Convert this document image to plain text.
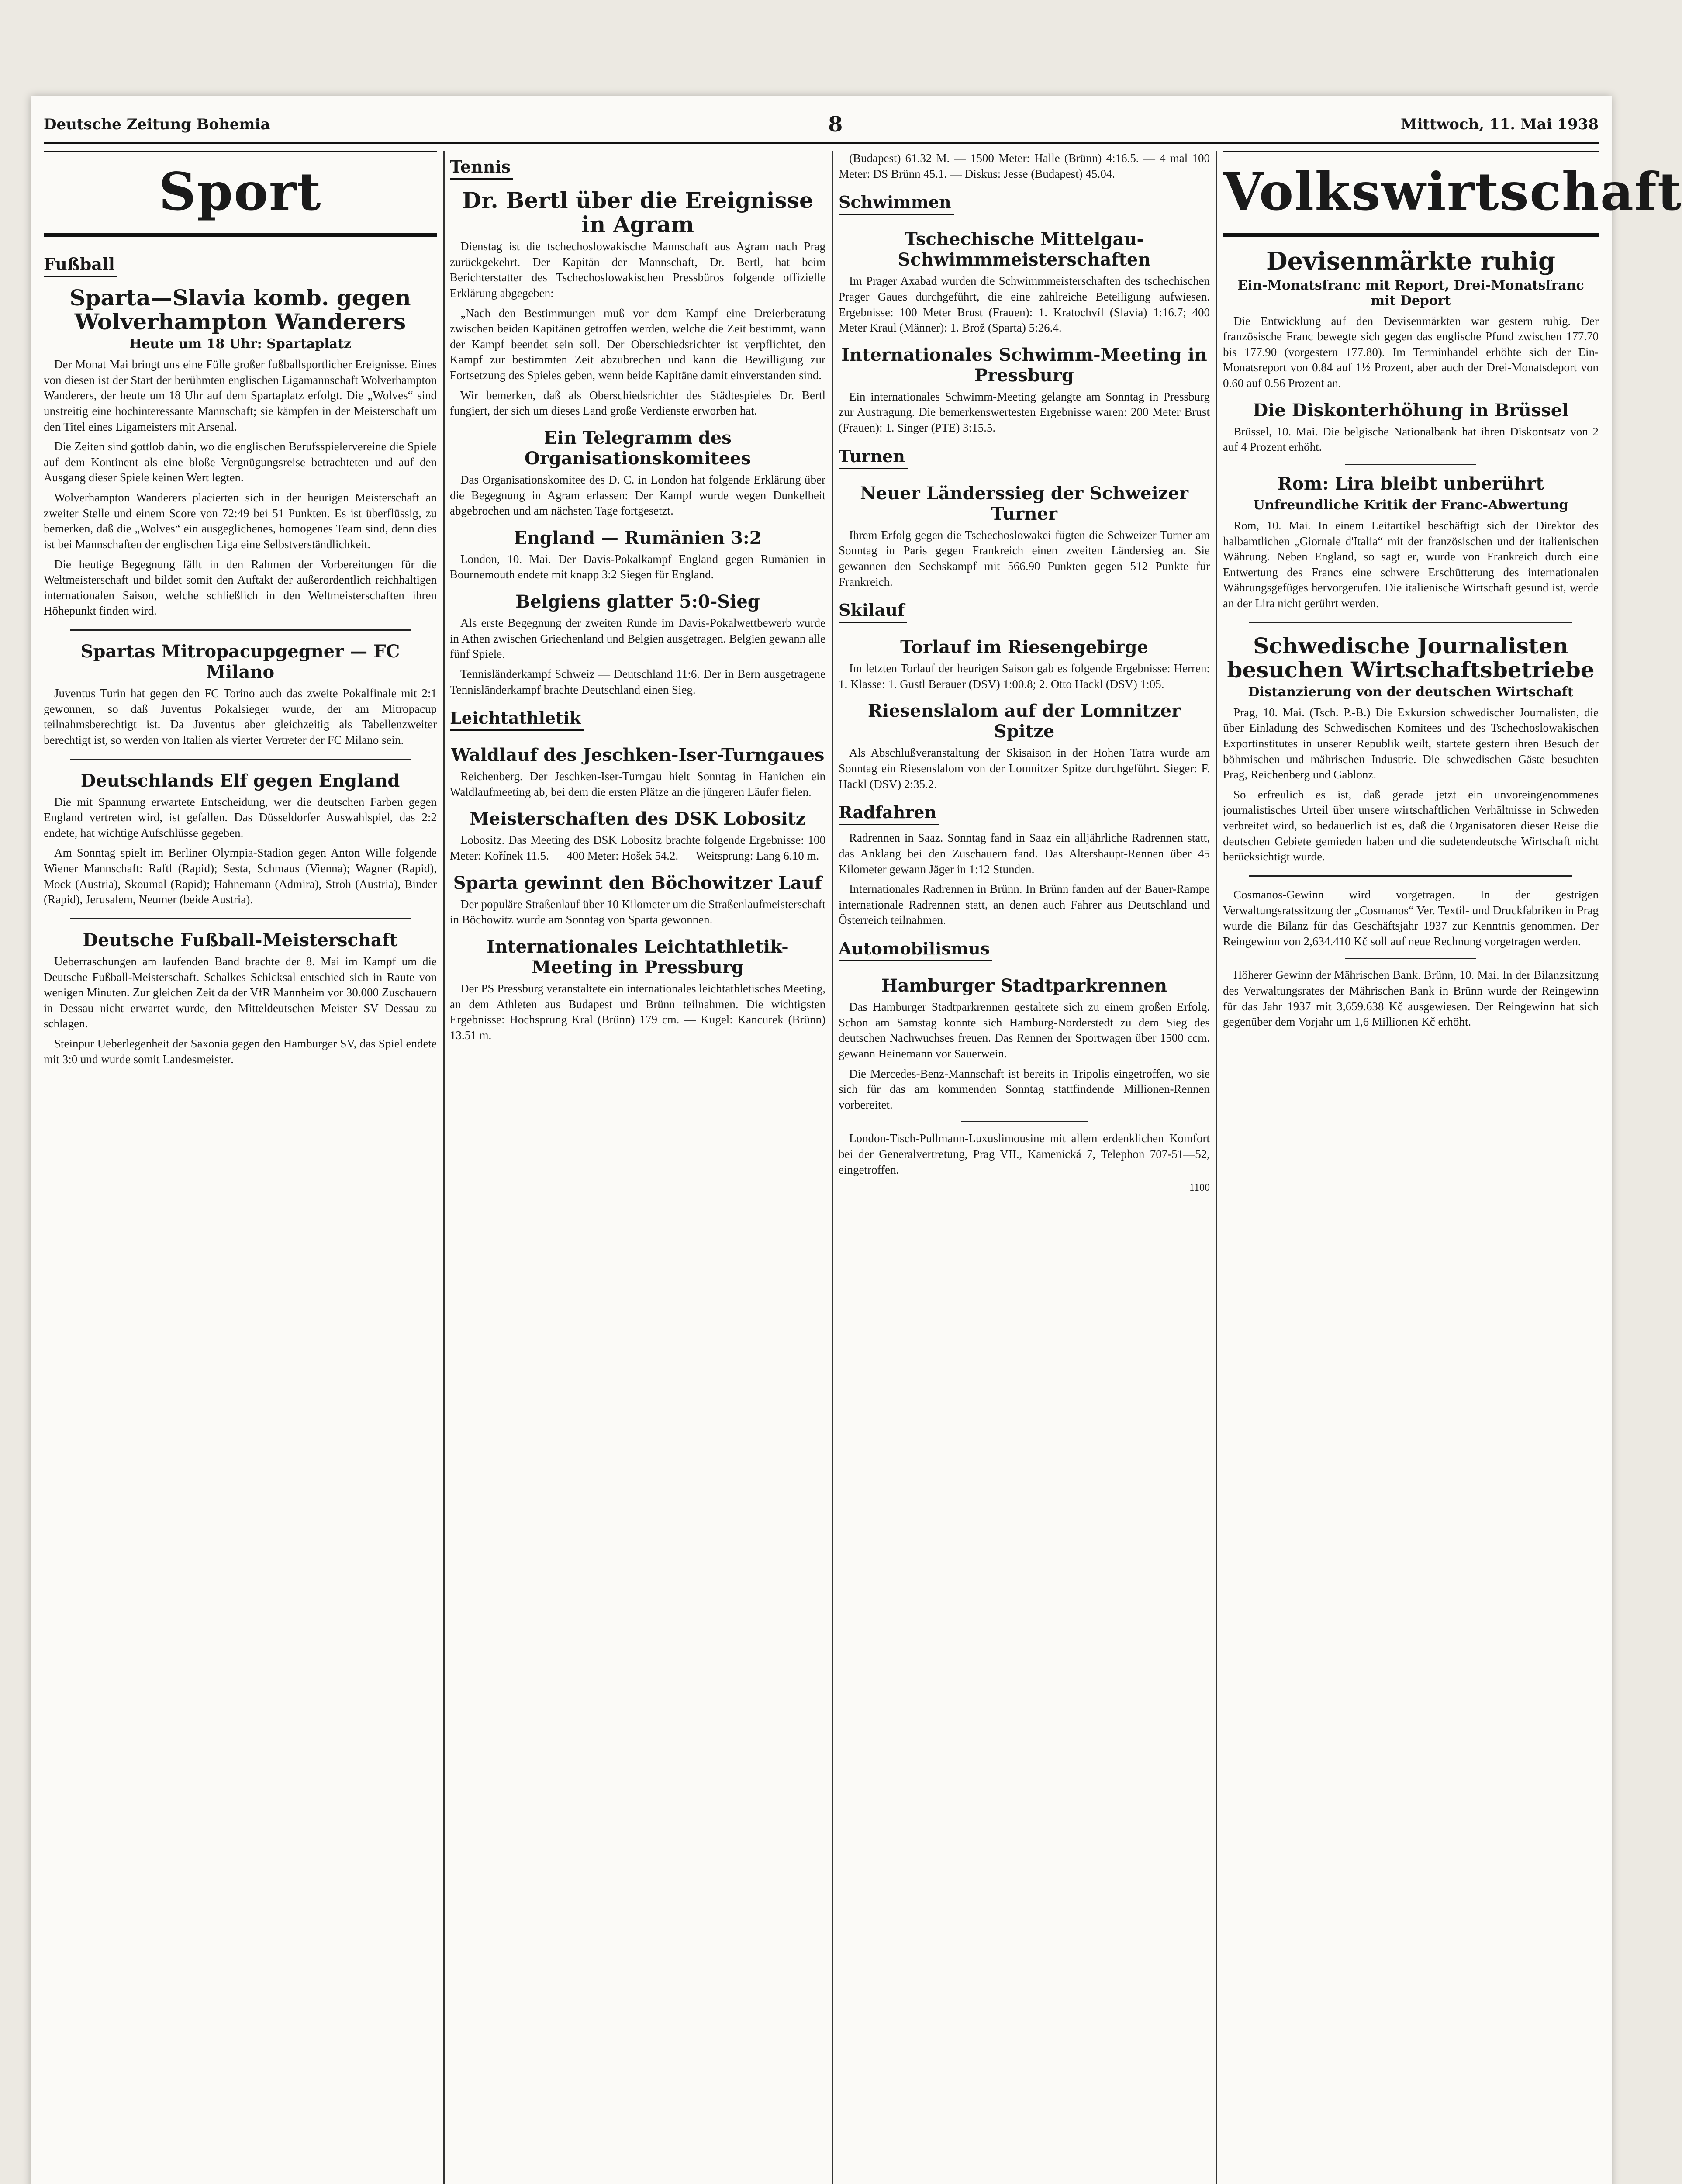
Deutsche Zeitung Bohemia	8	Mittwoch, 11. Mai 1938
Sport
Fußball
Sparta—Slavia komb. gegen Wolverhampton Wanderers
Heute um 18 Uhr: Spartaplatz

Der Monat Mai bringt uns eine Fülle großer fußballsportlicher Ereignisse. Eines von diesen ist der Start der berühmten englischen Ligamannschaft Wolverhampton Wanderers, der heute um 18 Uhr auf dem Spartaplatz erfolgt. Die „Wolves“ sind unstreitig eine hochinteressante Mannschaft; sie kämpfen in der Meisterschaft um den Titel eines Ligameisters mit Arsenal.

Die Zeiten sind gottlob dahin, wo die englischen Berufsspielervereine die Spiele auf dem Kontinent als eine bloße Vergnügungsreise betrachteten und auf den Ausgang dieser Spiele keinen Wert legten.

Wolverhampton Wanderers placierten sich in der heurigen Meisterschaft an zweiter Stelle und einem Score von 72:49 bei 51 Punkten. Es ist überflüssig, zu bemerken, daß die „Wolves“ ein ausgeglichenes, homogenes Team sind, denn dies ist bei Mannschaften der englischen Liga eine Selbstverständlichkeit.

Die heutige Begegnung fällt in den Rahmen der Vorbereitungen für die Weltmeisterschaft und bildet somit den Auftakt der außerordentlich reichhaltigen internationalen Saison, welche schließlich in den Weltmeisterschaften ihren Höhepunkt finden wird.

Spartas Mitropacupgegner — FC Milano

Juventus Turin hat gegen den FC Torino auch das zweite Pokalfinale mit 2:1 gewonnen, so daß Juventus Pokalsieger wurde, der am Mitropacup teilnahmsberechtigt ist. Da Juventus aber gleichzeitig als Tabellenzweiter berechtigt ist, so werden von Italien als vierter Vertreter der FC Milano sein.

Deutschlands Elf gegen England

Die mit Spannung erwartete Entscheidung, wer die deutschen Farben gegen England vertreten wird, ist gefallen. Das Düsseldorfer Auswahlspiel, das 2:2 endete, hat wichtige Aufschlüsse gegeben.

Am Sonntag spielt im Berliner Olympia-Stadion gegen Anton Wille folgende Wiener Mannschaft: Raftl (Rapid); Sesta, Schmaus (Vienna); Wagner (Rapid), Mock (Austria), Skoumal (Rapid); Hahnemann (Admira), Stroh (Austria), Binder (Rapid), Jerusalem, Neumer (beide Austria).

Deutsche Fußball-Meisterschaft

Ueberraschungen am laufenden Band brachte der 8. Mai im Kampf um die Deutsche Fußball-Meisterschaft. Schalkes Schicksal entschied sich in Raute von wenigen Minuten. Zur gleichen Zeit da der VfR Mannheim vor 30.000 Zuschauern in Dessau nicht erwartet wurde, den Mitteldeutschen Meister SV Dessau zu schlagen.

Steinpur Ueberlegenheit der Saxonia gegen den Hamburger SV, das Spiel endete mit 3:0 und wurde somit Landesmeister.

Tennis
Dr. Bertl über die Ereignisse in Agram

Dienstag ist die tschechoslowakische Mannschaft aus Agram nach Prag zurückgekehrt. Der Kapitän der Mannschaft, Dr. Bertl, hat beim Berichterstatter des Tschechoslowakischen Pressbüros folgende offizielle Erklärung abgegeben:

„Nach den Bestimmungen muß vor dem Kampf eine Dreierberatung zwischen beiden Kapitänen getroffen werden, welche die Zeit bestimmt, wann der Kampf beendet sein soll. Der Oberschiedsrichter ist verpflichtet, den Kampf zur bestimmten Zeit abzubrechen und kann die Bewilligung zur Fortsetzung des Spieles geben, wenn beide Kapitäne damit einverstanden sind.

Wir bemerken, daß als Oberschiedsrichter des Städtespieles Dr. Bertl fungiert, der sich um dieses Land große Verdienste erworben hat.

Ein Telegramm des Organisationskomitees

Das Organisationskomitee des D. C. in London hat folgende Erklärung über die Begegnung in Agram erlassen: Der Kampf wurde wegen Dunkelheit abgebrochen und am nächsten Tage fortgesetzt.

England — Rumänien 3:2

London, 10. Mai. Der Davis-Pokalkampf England gegen Rumänien in Bournemouth endete mit knapp 3:2 Siegen für England.

Belgiens glatter 5:0-Sieg

Als erste Begegnung der zweiten Runde im Davis-Pokalwettbewerb wurde in Athen zwischen Griechenland und Belgien ausgetragen. Belgien gewann alle fünf Spiele.

Tennisländerkampf Schweiz — Deutschland 11:6. Der in Bern ausgetragene Tennisländerkampf brachte Deutschland einen Sieg.

Leichtathletik
Waldlauf des Jeschken-Iser-Turngaues

Reichenberg. Der Jeschken-Iser-Turngau hielt Sonntag in Hanichen ein Waldlaufmeeting ab, bei dem die ersten Plätze an die jüngeren Läufer fielen.

Meisterschaften des DSK Lobositz

Lobositz. Das Meeting des DSK Lobositz brachte folgende Ergebnisse: 100 Meter: Kořínek 11.5. — 400 Meter: Hošek 54.2. — Weitsprung: Lang 6.10 m.

Sparta gewinnt den Böchowitzer Lauf

Der populäre Straßenlauf über 10 Kilometer um die Straßenlaufmeisterschaft in Böchowitz wurde am Sonntag von Sparta gewonnen.

Internationales Leichtathletik-Meeting in Pressburg

Der PS Pressburg veranstaltete ein internationales leichtathletisches Meeting, an dem Athleten aus Budapest und Brünn teilnahmen. Die wichtigsten Ergebnisse: Hochsprung Kral (Brünn) 179 cm. — Kugel: Kancurek (Brünn) 13.51 m.

(Budapest) 61.32 M. — 1500 Meter: Halle (Brünn) 4:16.5. — 4 mal 100 Meter: DS Brünn 45.1. — Diskus: Jesse (Budapest) 45.04.

Schwimmen
Tschechische Mittelgau-Schwimmmeisterschaften

Im Prager Axabad wurden die Schwimmmeisterschaften des tschechischen Prager Gaues durchgeführt, die eine zahlreiche Beteiligung aufwiesen. Ergebnisse: 100 Meter Brust (Frauen): 1. Kratochvíl (Slavia) 1:16.7; 400 Meter Kraul (Männer): 1. Brož (Sparta) 5:26.4.

Internationales Schwimm-Meeting in Pressburg

Ein internationales Schwimm-Meeting gelangte am Sonntag in Pressburg zur Austragung. Die bemerkenswertesten Ergebnisse waren: 200 Meter Brust (Frauen): 1. Singer (PTE) 3:15.5.

Turnen
Neuer Länderssieg der Schweizer Turner

Ihrem Erfolg gegen die Tschechoslowakei fügten die Schweizer Turner am Sonntag in Paris gegen Frankreich einen zweiten Ländersieg an. Sie gewannen den Sechskampf mit 566.90 Punkten gegen 512 Punkte für Frankreich.

Skilauf
Torlauf im Riesengebirge

Im letzten Torlauf der heurigen Saison gab es folgende Ergebnisse: Herren: 1. Klasse: 1. Gustl Berauer (DSV) 1:00.8; 2. Otto Hackl (DSV) 1:05.

Riesenslalom auf der Lomnitzer Spitze

Als Abschlußveranstaltung der Skisaison in der Hohen Tatra wurde am Sonntag ein Riesenslalom von der Lomnitzer Spitze durchgeführt. Sieger: F. Hackl (DSV) 2:35.2.

Radfahren

Radrennen in Saaz. Sonntag fand in Saaz ein alljährliche Radrennen statt, das Anklang bei den Zuschauern fand. Das Altershaupt-Rennen über 45 Kilometer gewann Jäger in 1:12 Stunden.

Internationales Radrennen in Brünn. In Brünn fanden auf der Bauer-Rampe internationale Radrennen statt, an denen auch Fahrer aus Deutschland und Österreich teilnahmen.

Automobilismus
Hamburger Stadtparkrennen

Das Hamburger Stadtparkrennen gestaltete sich zu einem großen Erfolg. Schon am Samstag konnte sich Hamburg-Norderstedt zu dem Sieg des deutschen Nachwuchses freuen. Das Rennen der Sportwagen über 1500 ccm. gewann Heinemann vor Sauerwein.

Die Mercedes-Benz-Mannschaft ist bereits in Tripolis eingetroffen, wo sie sich für das am kommenden Sonntag stattfindende Millionen-Rennen vorbereitet.

London-Tisch-Pullmann-Luxuslimousine mit allem erdenklichen Komfort bei der Generalvertretung, Prag VII., Kamenická 7, Telephon 707-51—52, eingetroffen.

1100
Volkswirtschaft
Devisenmärkte ruhig
Ein-Monatsfranc mit Report, Drei-Monatsfranc mit Deport

Die Entwicklung auf den Devisenmärkten war gestern ruhig. Der französische Franc bewegte sich gegen das englische Pfund zwischen 177.70 bis 177.90 (vorgestern 177.80). Im Terminhandel erhöhte sich der Ein-Monatsreport von 0.84 auf 1½ Prozent, aber auch der Drei-Monatsdeport von 0.60 auf 0.56 Prozent an.

Die Diskonterhöhung in Brüssel

Brüssel, 10. Mai. Die belgische Nationalbank hat ihren Diskontsatz von 2 auf 4 Prozent erhöht.

Rom: Lira bleibt unberührt
Unfreundliche Kritik der Franc-Abwertung

Rom, 10. Mai. In einem Leitartikel beschäftigt sich der Direktor des halbamtlichen „Giornale d'Italia“ mit der französischen und der italienischen Währung. Neben England, so sagt er, wurde von Frankreich durch eine Entwertung des Francs eine schwere Erschütterung des internationalen Währungsgefüges hervorgerufen. Die italienische Wirtschaft gesund ist, werde an der Lira nicht gerührt werden.

Schwedische Journalisten besuchen Wirtschaftsbetriebe
Distanzierung von der deutschen Wirtschaft

Prag, 10. Mai. (Tsch. P.-B.) Die Exkursion schwedischer Journalisten, die über Einladung des Schwedischen Komitees und des Tschechoslowakischen Exportinstitutes in unserer Republik weilt, startete gestern ihren Besuch der böhmischen und mährischen Industrie. Die schwedischen Gäste besuchten Prag, Reichenberg und Gablonz.

So erfreulich es ist, daß gerade jetzt ein unvoreingenommenes journalistisches Urteil über unsere wirtschaftlichen Verhältnisse in Schweden verbreitet wird, so bedauerlich ist es, daß die Organisatoren dieser Reise die deutschen Gebiete gemieden haben und die sudetendeutsche Wirtschaft nicht berücksichtigt wurde.

Cosmanos-Gewinn wird vorgetragen. In der gestrigen Verwaltungsratssitzung der „Cosmanos“ Ver. Textil- und Druckfabriken in Prag wurde die Bilanz für das Geschäftsjahr 1937 zur Kenntnis genommen. Der Reingewinn von 2,634.410 Kč soll auf neue Rechnung vorgetragen werden.

Höherer Gewinn der Mährischen Bank. Brünn, 10. Mai. In der Bilanzsitzung des Verwaltungsrates der Mährischen Bank in Brünn wurde der Reingewinn für das Jahr 1937 mit 3,659.638 Kč ausgewiesen. Der Reingewinn hat sich gegenüber dem Vorjahr um 1,6 Millionen Kč erhöht.
